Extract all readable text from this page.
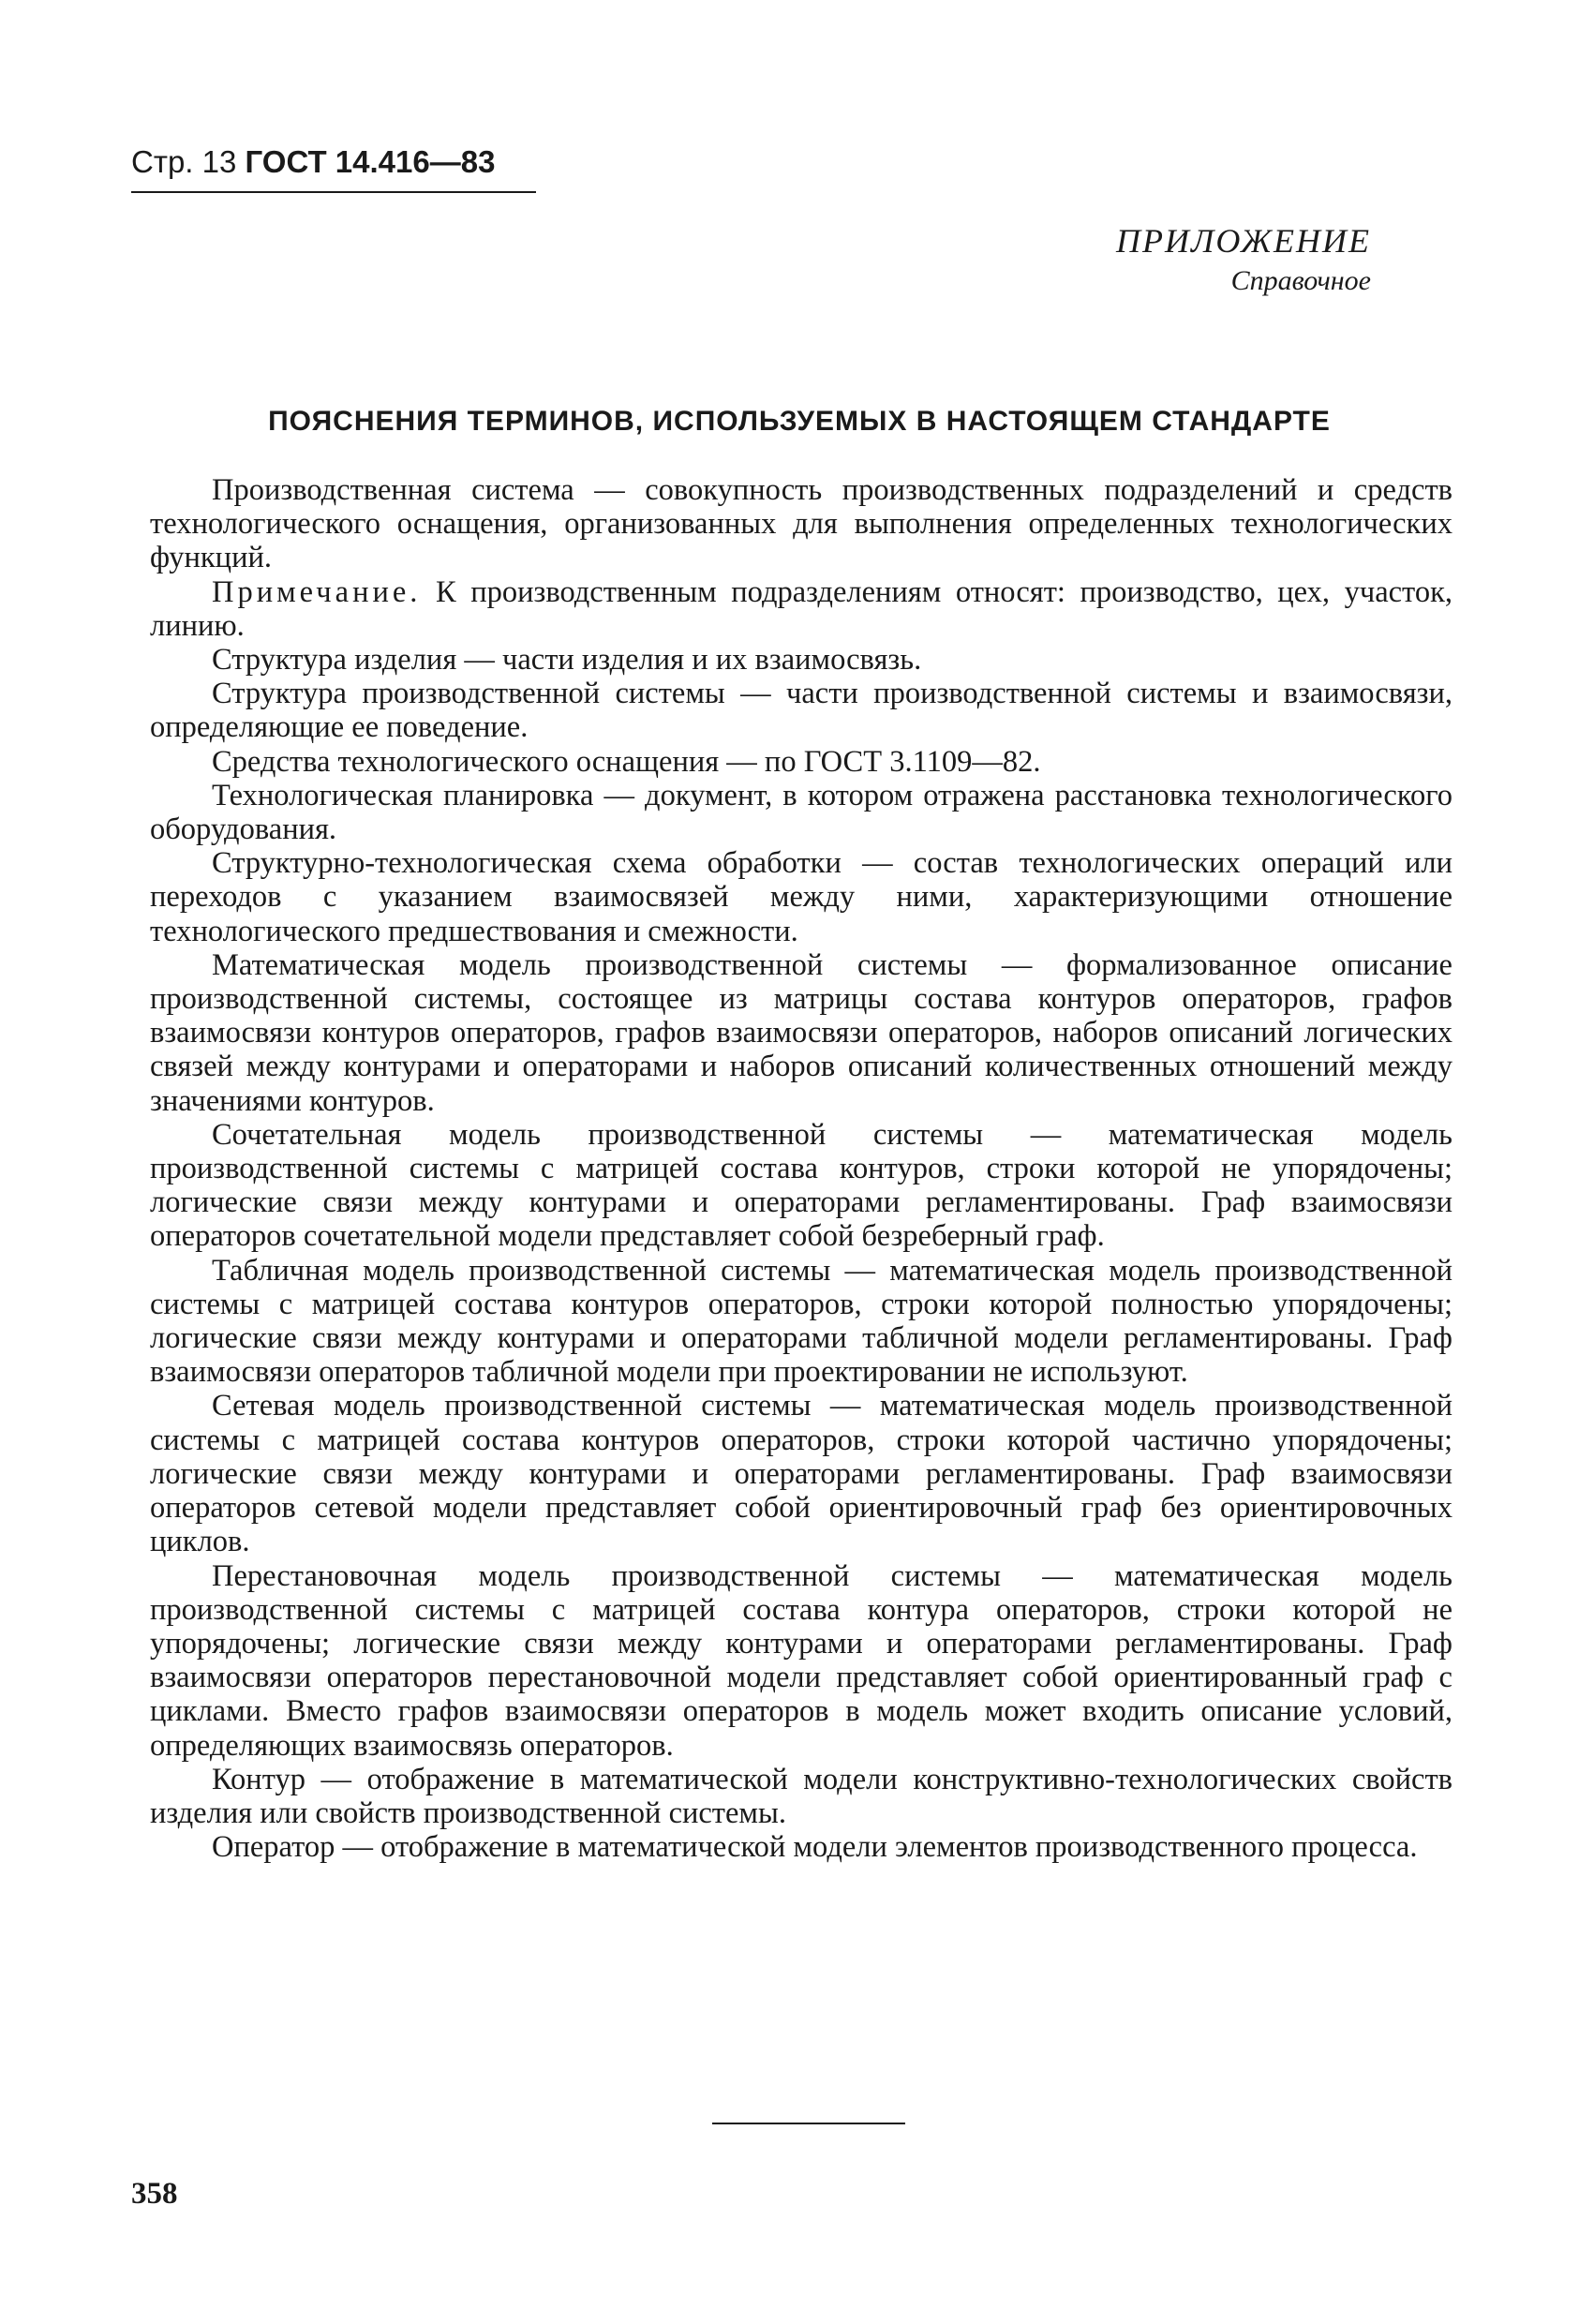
Стр. 13 ГОСТ 14.416—83
ПРИЛОЖЕНИЕ
Справочное
ПОЯСНЕНИЯ ТЕРМИНОВ, ИСПОЛЬЗУЕМЫХ В НАСТОЯЩЕМ СТАНДАРТЕ

Производственная система — совокупность производственных подразделений и средств технологического оснащения, организованных для выполнения определенных технологических функций.

Примечание. К производственным подразделениям относят: производство, цех, участок, линию.

Структура изделия — части изделия и их взаимосвязь.

Структура производственной системы — части производственной системы и взаимосвязи, определяющие ее поведение.

Средства технологического оснащения — по ГОСТ 3.1109—82.

Технологическая планировка — документ, в котором отражена расстановка технологического оборудования.

Структурно-технологическая схема обработки — состав технологических операций или переходов с указанием взаимосвязей между ними, характеризующими отношение технологического предшествования и смежности.

Математическая модель производственной системы — формализованное описание производственной системы, состоящее из матрицы состава контуров операторов, графов взаимосвязи контуров операторов, графов взаимосвязи операторов, наборов описаний логических связей между контурами и операторами и наборов описаний количественных отношений между значениями контуров.

Сочетательная модель производственной системы — математическая модель производственной системы с матрицей состава контуров, строки которой не упорядочены; логические связи между контурами и операторами регламентированы. Граф взаимосвязи операторов сочетательной модели представляет собой безреберный граф.

Табличная модель производственной системы — математическая модель производственной системы с матрицей состава контуров операторов, строки которой полностью упорядочены; логические связи между контурами и операторами табличной модели регламентированы. Граф взаимосвязи операторов табличной модели при проектировании не используют.

Сетевая модель производственной системы — математическая модель производственной системы с матрицей состава контуров операторов, строки которой частично упорядочены; логические связи между контурами и операторами регламентированы. Граф взаимосвязи операторов сетевой модели представляет собой ориентировочный граф без ориентировочных циклов.

Перестановочная модель производственной системы — математическая модель производственной системы с матрицей состава контура операторов, строки которой не упорядочены; логические связи между контурами и операторами регламентированы. Граф взаимосвязи операторов перестановочной модели представляет собой ориентированный граф с циклами. Вместо графов взаимосвязи операторов в модель может входить описание условий, определяющих взаимосвязь операторов.

Контур — отображение в математической модели конструктивно-технологических свойств изделия или свойств производственной системы.

Оператор — отображение в математической модели элементов производственного процесса.

358
